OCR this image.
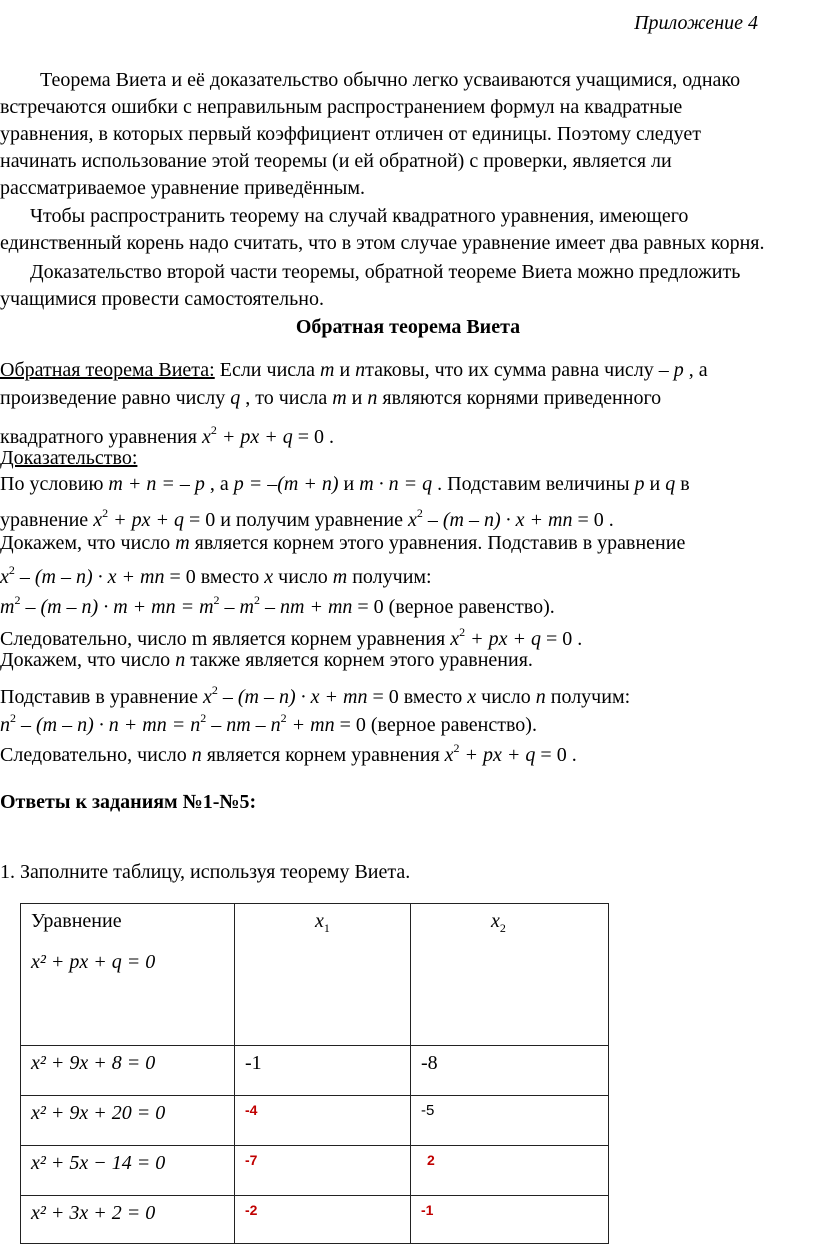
Приложение 4
Теорема Виета и её доказательство обычно легко усваиваются учащимися, однако
встречаются ошибки с неправильным распространением формул на квадратные
уравнения, в которых первый коэффициент отличен от единицы. Поэтому следует
начинать использование этой теоремы (и ей обратной) с проверки, является ли
рассматриваемое уравнение приведённым.
Чтобы распространить теорему на случай квадратного уравнения, имеющего
единственный корень надо считать, что в этом случае уравнение имеет два равных корня.
Доказательство второй части теоремы, обратной теореме Виета можно предложить
учащимися провести самостоятельно.
Обратная теорема Виета
Обратная теорема Виета: Если числа m и nтаковы, что их сумма равна числу – p , а
произведение равно числу q , то числа m и n являются корнями приведенного
квадратного уравнения $x^2$ + px + q = 0 .
Доказательство:
По условию m + n = – p , а p = –(m + n) и m · n = q . Подставим величины p и q в
уравнение $x^2$ + px + q = 0 и получим уравнение $x^2 - (m - n) \cdot x$ + mn = 0 .
Докажем, что число m является корнем этого уравнения. Подставив в уравнение
$x^2 - (m - n) \cdot x$ + mn = 0 вместо x число m получим:
$m^2 - (m - n) \cdot m$ + mn = $m^2 - m^2$ – nm + mn = 0 (верное равенство).
Следовательно, число m является корнем уравнения $x^2$ + px + q = 0 .
Докажем, что число n также является корнем этого уравнения.
Подставив в уравнение $x^2 - (m - n) \cdot x$ + mn = 0 вместо x число n получим:
$n^2 - (m - n) \cdot n$ + mn = $n^2$ – nm – $n^2$ + mn = 0 (верное равенство).
Следовательно, число n является корнем уравнения $x^2$ + px + q = 0 .
Ответы к заданиям №1-№5:
1. Заполните таблицу, используя теорему Виета.
Уравнение
x² + px + q = 0	$x_1$	$x_2$
x² + 9x + 8 = 0	-1	-8
x² + 9x + 20 = 0	-4	-5
x² + 5x − 14 = 0	-7	2
x² + 3x + 2 = 0	-2	-1
